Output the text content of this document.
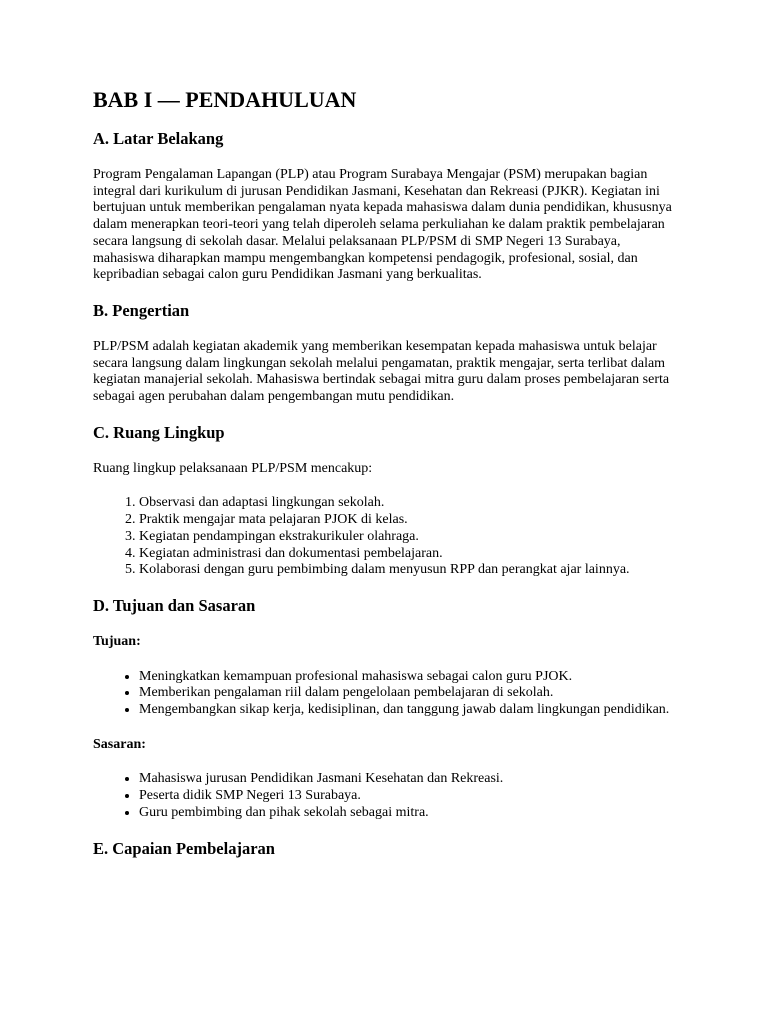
BAB I — PENDAHULUAN
A. Latar Belakang

Program Pengalaman Lapangan (PLP) atau Program Surabaya Mengajar (PSM) merupakan bagian integral dari kurikulum di jurusan Pendidikan Jasmani, Kesehatan dan Rekreasi (PJKR). Kegiatan ini bertujuan untuk memberikan pengalaman nyata kepada mahasiswa dalam dunia pendidikan, khususnya dalam menerapkan teori-teori yang telah diperoleh selama perkuliahan ke dalam praktik pembelajaran secara langsung di sekolah dasar. Melalui pelaksanaan PLP/PSM di SMP Negeri 13 Surabaya, mahasiswa diharapkan mampu mengembangkan kompetensi pendagogik, profesional, sosial, dan kepribadian sebagai calon guru Pendidikan Jasmani yang berkualitas.

B. Pengertian

PLP/PSM adalah kegiatan akademik yang memberikan kesempatan kepada mahasiswa untuk belajar secara langsung dalam lingkungan sekolah melalui pengamatan, praktik mengajar, serta terlibat dalam kegiatan manajerial sekolah. Mahasiswa bertindak sebagai mitra guru dalam proses pembelajaran serta sebagai agen perubahan dalam pengembangan mutu pendidikan.

C. Ruang Lingkup

Ruang lingkup pelaksanaan PLP/PSM mencakup:

1. Observasi dan adaptasi lingkungan sekolah.
2. Praktik mengajar mata pelajaran PJOK di kelas.
3. Kegiatan pendampingan ekstrakurikuler olahraga.
4. Kegiatan administrasi dan dokumentasi pembelajaran.
5. Kolaborasi dengan guru pembimbing dalam menyusun RPP dan perangkat ajar lainnya.
D. Tujuan dan Sasaran

Tujuan:

• Meningkatkan kemampuan profesional mahasiswa sebagai calon guru PJOK.
• Memberikan pengalaman riil dalam pengelolaan pembelajaran di sekolah.
• Mengembangkan sikap kerja, kedisiplinan, dan tanggung jawab dalam lingkungan pendidikan.

Sasaran:

• Mahasiswa jurusan Pendidikan Jasmani Kesehatan dan Rekreasi.
• Peserta didik SMP Negeri 13 Surabaya.
• Guru pembimbing dan pihak sekolah sebagai mitra.
E. Capaian Pembelajaran
